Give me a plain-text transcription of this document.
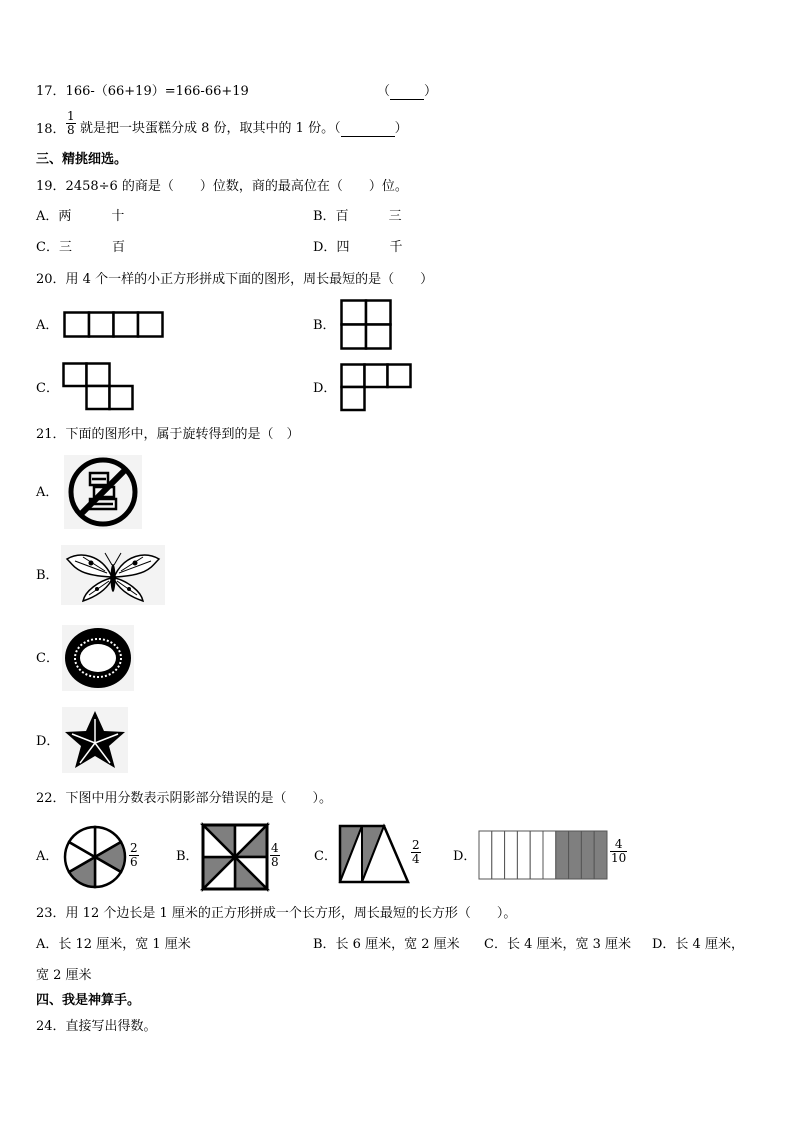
17．166-（66+19）=166-66+19	（	）
18． $\frac{1}{8}$ 就是把一块蛋糕分成 8 份，取其中的 1 份。（	）
三、精挑细选。
19．2458÷6 的商是（　　）位数，商的最高位在（　　）位。
A．两	十	B．百	三
C．三	百	D．四	千
20．用 4 个一样的小正方形拼成下面的图形，周长最短的是（　　）
A．	B．
C．	D．
21．下面的图形中，属于旋转得到的是（　）
A．
B．
C．
D．
22．下图中用分数表示阴影部分错误的是（　　）。
A．	$\frac{2}{6}$	B．	$\frac{4}{8}$	C．	$\frac{2}{4}$ D．	$\frac{4}{10}$
23．用 12 个边长是 1 厘米的正方形拼成一个长方形，周长最短的长方形（　　）。
A．长 12 厘米，宽 1 厘米	B．长 6 厘米，宽 2 厘米 C．长 4 厘米，宽 3 厘米 D．长 4 厘米，
宽 2 厘米
四、我是神算手。
24．直接写出得数。
